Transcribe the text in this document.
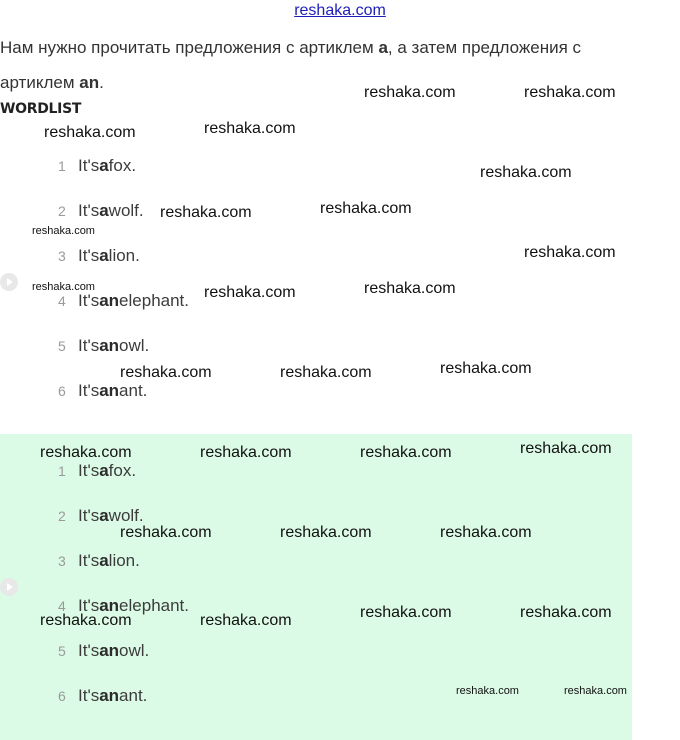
reshaka.com
Нам нужно прочитать предложения с артиклем a, а затем предложения с артиклем an.
WORDLIST
1 It's a fox.
2 It's a wolf.
3 It's a lion.
4 It's an elephant.
5 It's an owl.
6 It's an ant.
1 It's a fox.
2 It's a wolf.
3 It's a lion.
4 It's an elephant.
5 It's an owl.
6 It's an ant.
reshaka.com	reshaka.com
reshaka.com	reshaka.com
reshaka.com
reshaka.com	reshaka.com
reshaka.com
reshaka.com
reshaka.com	reshaka.com	reshaka.com
reshaka.com	reshaka.com	reshaka.com
reshaka.com	reshaka.com	reshaka.com	reshaka.com
reshaka.com	reshaka.com	reshaka.com
reshaka.com	reshaka.com
reshaka.com	reshaka.com
reshaka.com	reshaka.com
